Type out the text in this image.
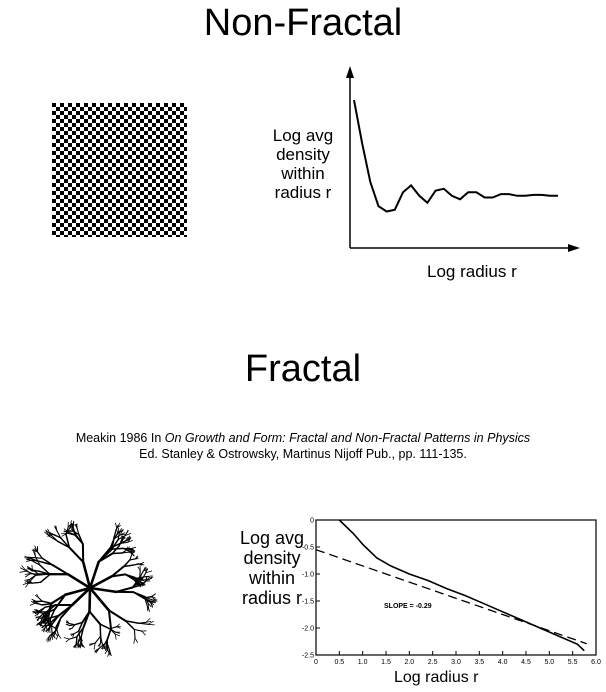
Non-Fractal
Log avg
density
within
radius r
Log radius r
Fractal
Meakin 1986 In On Growth and Form: Fractal and Non-Fractal Patterns in Physics
Ed. Stanley & Ostrowsky, Martinus Nijoff Pub., pp. 111-135.
Log avg
density
within
radius r
0 0.5 1.0 1.5 2.0 2.5 3.0 3.5 4.0 4.5 5.0 5.5 6.0
0
-0.5
-1.0
-1.5
-2.0
-2.5
SLOPE = -0.29
Log radius r
